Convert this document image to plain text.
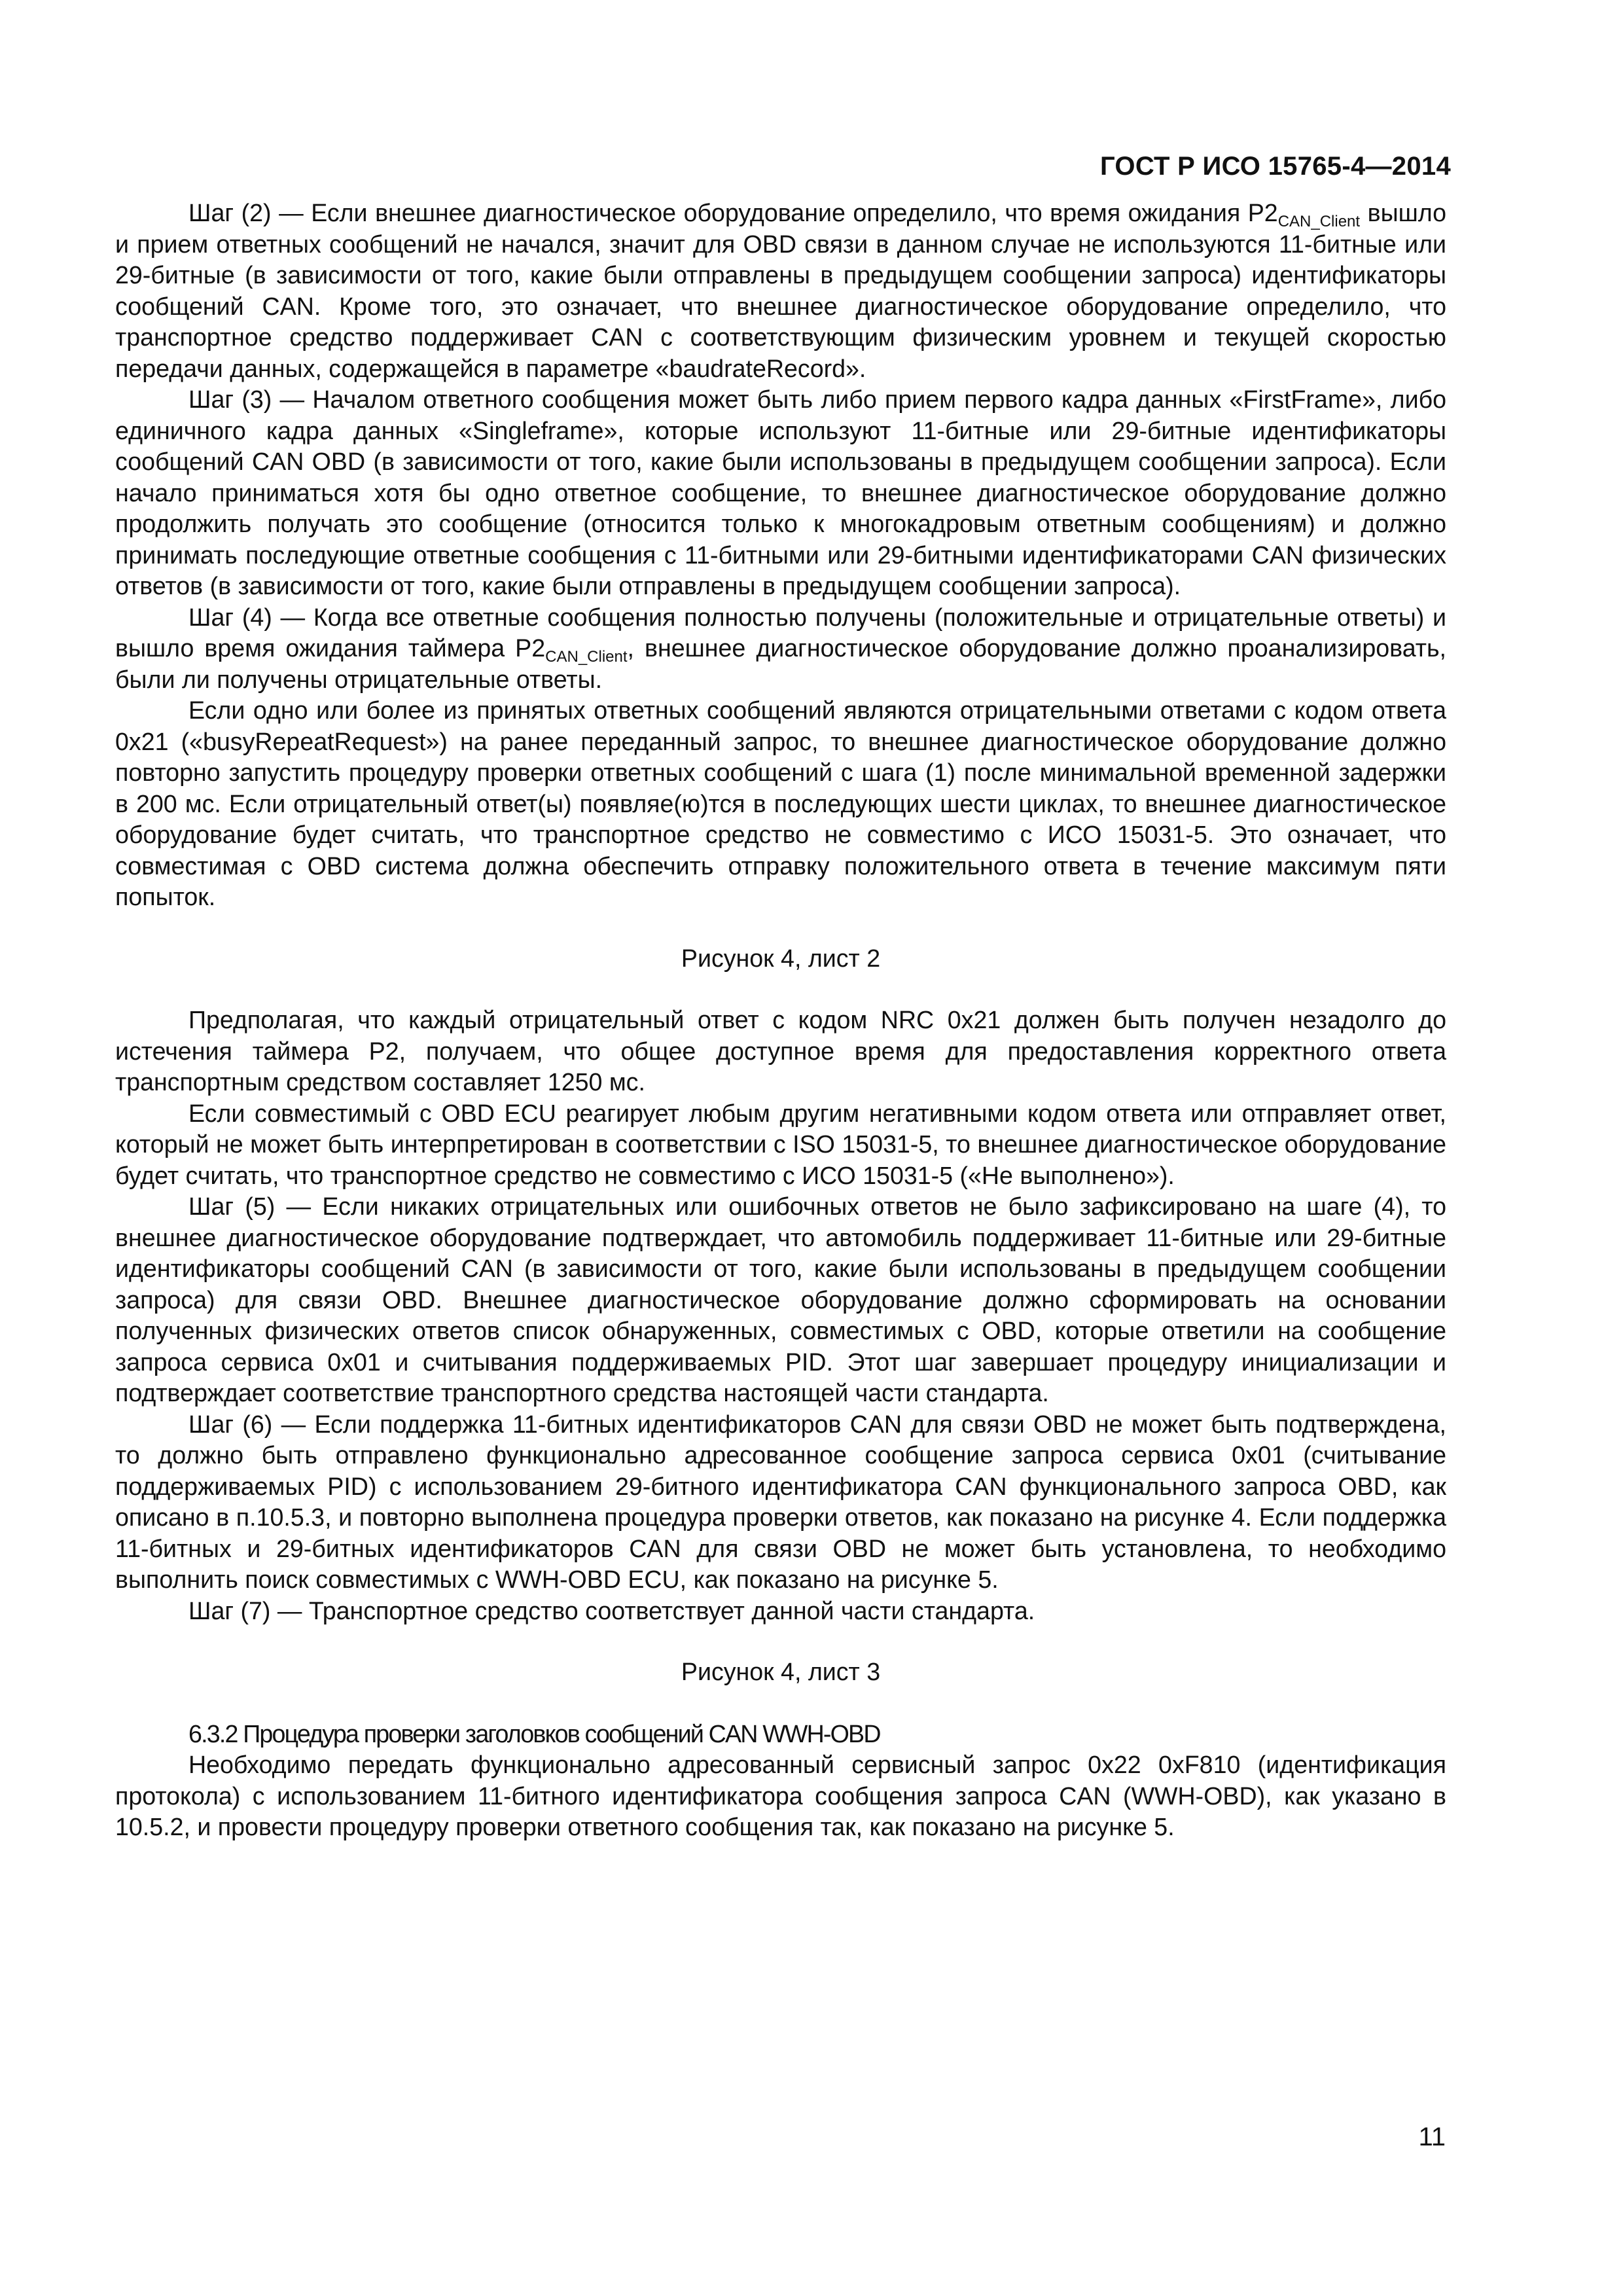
ГОСТ Р ИСО 15765-4—2014

Шаг (2) — Если внешнее диагностическое оборудование определило, что время ожидания $P2_{CAN\_Client}$ вышло и прием ответных сообщений не начался, значит для OBD связи в данном случае не используются 11-битные или 29-битные (в зависимости от того, какие были отправлены в предыдущем сообщении запроса) идентификаторы сообщений CAN. Кроме того, это означает, что внешнее диагностическое оборудование определило, что транспортное средство поддерживает CAN с соответствующим физическим уровнем и текущей скоростью передачи данных, содержащейся в параметре «baudrateRecord».

Шаг (3) — Началом ответного сообщения может быть либо прием первого кадра данных «FirstFrame», либо единичного кадра данных «Singleframe», которые используют 11-битные или 29-битные идентификаторы сообщений CAN OBD (в зависимости от того, какие были использованы в предыдущем сообщении запроса). Если начало приниматься хотя бы одно ответное сообщение, то внешнее диагностическое оборудование должно продолжить получать это сообщение (относится только к многокадровым ответным сообщениям) и должно принимать последующие ответные сообщения с 11-битными или 29-битными идентификаторами CAN физических ответов (в зависимости от того, какие были отправлены в предыдущем сообщении запроса).

Шаг (4) — Когда все ответные сообщения полностью получены (положительные и отрицательные ответы) и вышло время ожидания таймера $P2_{CAN\_Client}$, внешнее диагностическое оборудование должно проанализировать, были ли получены отрицательные ответы.

Если одно или более из принятых ответных сообщений являются отрицательными ответами с кодом ответа 0x21 («busyRepeatRequest») на ранее переданный запрос, то внешнее диагностическое оборудование должно повторно запустить процедуру проверки ответных сообщений с шага (1) после минимальной временной задержки в 200 мс. Если отрицательный ответ(ы) появляе(ю)тся в последующих шести циклах, то внешнее диагностическое оборудование будет считать, что транспортное средство не совместимо с ИСО 15031-5. Это означает, что совместимая с OBD система должна обеспечить отправку положительного ответа в течение максимум пяти попыток.

Рисунок 4, лист 2

Предполагая, что каждый отрицательный ответ с кодом NRC 0x21 должен быть получен незадолго до истечения таймера P2, получаем, что общее доступное время для предоставления корректного ответа транспортным средством составляет 1250 мс.

Если совместимый с OBD ECU реагирует любым другим негативными кодом ответа или отправляет ответ, который не может быть интерпретирован в соответствии с ISO 15031-5, то внешнее диагностическое оборудование будет считать, что транспортное средство не совместимо с ИСО 15031-5 («Не выполнено»).

Шаг (5) — Если никаких отрицательных или ошибочных ответов не было зафиксировано на шаге (4), то внешнее диагностическое оборудование подтверждает, что автомобиль поддерживает 11-битные или 29-битные идентификаторы сообщений CAN (в зависимости от того, какие были использованы в предыдущем сообщении запроса) для связи OBD. Внешнее диагностическое оборудование должно сформировать на основании полученных физических ответов список обнаруженных, совместимых с OBD, которые ответили на сообщение запроса сервиса 0x01 и считывания поддерживаемых PID. Этот шаг завершает процедуру инициализации и подтверждает соответствие транспортного средства настоящей части стандарта.

Шаг (6) — Если поддержка 11-битных идентификаторов CAN для связи OBD не может быть подтверждена, то должно быть отправлено функционально адресованное сообщение запроса сервиса 0x01 (считывание поддерживаемых PID) с использованием 29-битного идентификатора CAN функционального запроса OBD, как описано в п.10.5.3, и повторно выполнена процедура проверки ответов, как показано на рисунке 4. Если поддержка 11-битных и 29-битных идентификаторов CAN для связи OBD не может быть установлена, то необходимо выполнить поиск совместимых с WWH-OBD ECU, как показано на рисунке 5.

Шаг (7) — Транспортное средство соответствует данной части стандарта.

Рисунок 4, лист 3

6.3.2 Процедура проверки заголовков сообщений CAN WWH-OBD

Необходимо передать функционально адресованный сервисный запрос 0x22 0xF810 (идентификация протокола) с использованием 11-битного идентификатора сообщения запроса CAN (WWH-OBD), как указано в 10.5.2, и провести процедуру проверки ответного сообщения так, как показано на рисунке 5.

11
